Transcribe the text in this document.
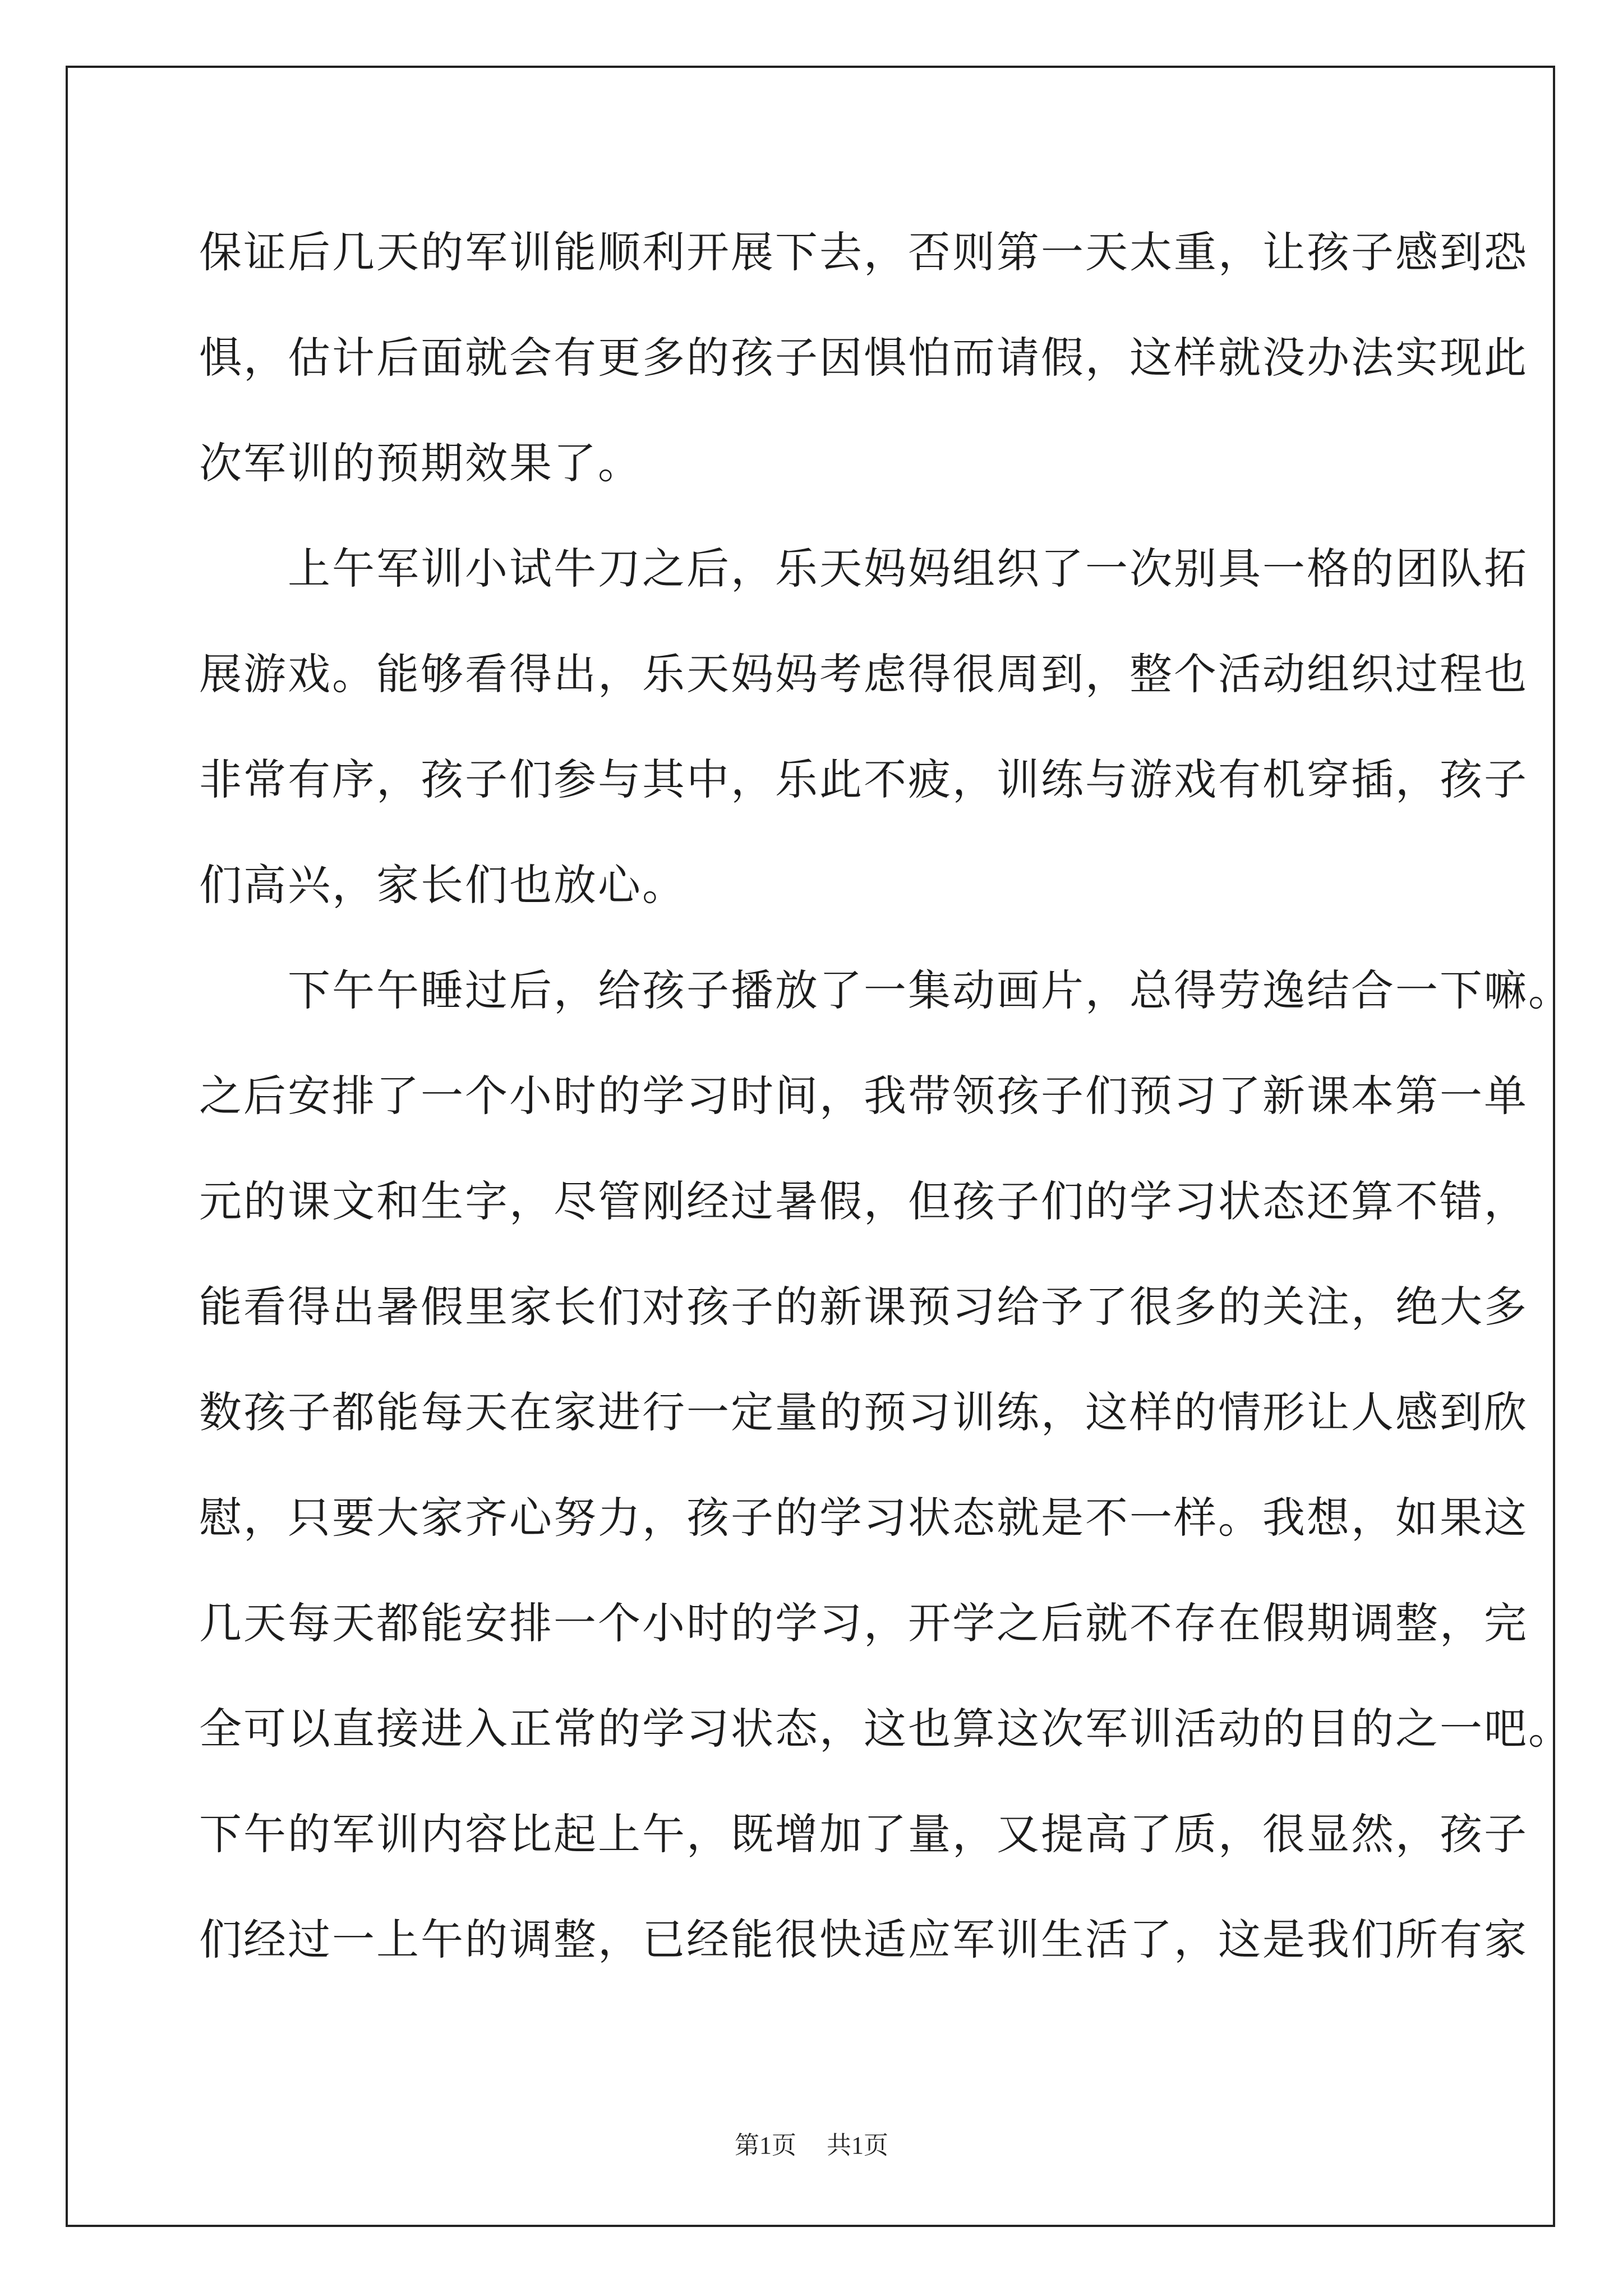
保证后几天的军训能顺利开展下去，否则第一天太重，让孩子感到恐
惧，估计后面就会有更多的孩子因惧怕而请假，这样就没办法实现此
次军训的预期效果了。
　　上午军训小试牛刀之后，乐天妈妈组织了一次别具一格的团队拓
展游戏。能够看得出，乐天妈妈考虑得很周到，整个活动组织过程也
非常有序，孩子们参与其中，乐此不疲，训练与游戏有机穿插，孩子
们高兴，家长们也放心。
　　下午午睡过后，给孩子播放了一集动画片，总得劳逸结合一下嘛。
之后安排了一个小时的学习时间，我带领孩子们预习了新课本第一单
元的课文和生字，尽管刚经过暑假，但孩子们的学习状态还算不错，
能看得出暑假里家长们对孩子的新课预习给予了很多的关注，绝大多
数孩子都能每天在家进行一定量的预习训练，这样的情形让人感到欣
慰，只要大家齐心努力，孩子的学习状态就是不一样。我想，如果这
几天每天都能安排一个小时的学习，开学之后就不存在假期调整，完
全可以直接进入正常的学习状态，这也算这次军训活动的目的之一吧。
下午的军训内容比起上午，既增加了量，又提高了质，很显然，孩子
们经过一上午的调整，已经能很快适应军训生活了，这是我们所有家
第1页 共1页
